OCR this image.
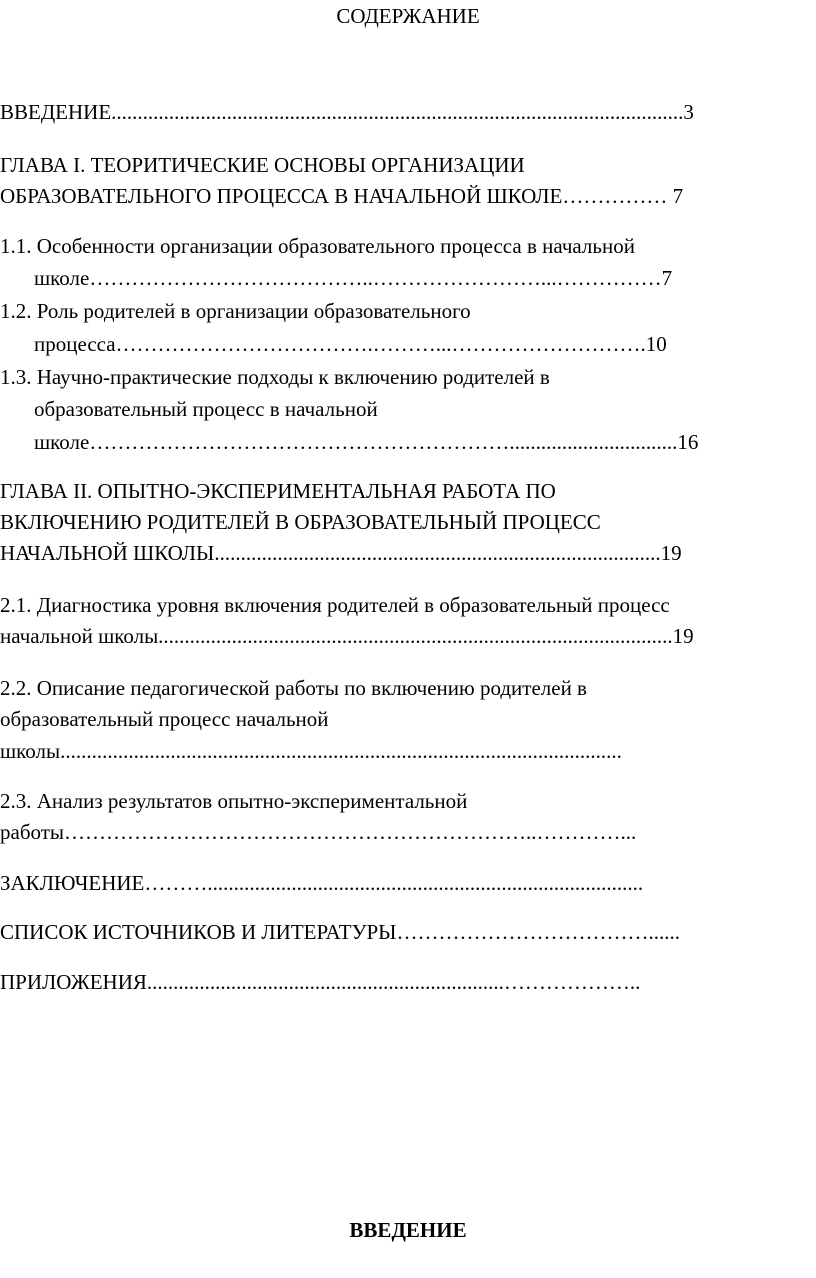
СОДЕРЖАНИЕ
ВВЕДЕНИЕ.............................................................................................................3
ГЛАВА I. ТЕОРИТИЧЕСКИЕ ОСНОВЫ ОРГАНИЗАЦИИ
ОБРАЗОВАТЕЛЬНОГО ПРОЦЕССА В НАЧАЛЬНОЙ ШКОЛЕ…………… 7
1.1. Особенности организации образовательного процесса в начальной
школе…………………………………..……………………...……………7
1.2. Роль родителей в организации образовательного
процесса……………………………….………...……………………….10
1.3. Научно-практические подходы к включению родителей в
образовательный процесс в начальной
школе……………………………………………………................................16
ГЛАВА II. ОПЫТНО-ЭКСПЕРИМЕНТАЛЬНАЯ РАБОТА ПО
ВКЛЮЧЕНИЮ РОДИТЕЛЕЙ В ОБРАЗОВАТЕЛЬНЫЙ ПРОЦЕСС
НАЧАЛЬНОЙ ШКОЛЫ.....................................................................................19
2.1. Диагностика уровня включения родителей в образовательный процесс
начальной школы..................................................................................................19
2.2. Описание педагогической работы по включению родителей в
образовательный процесс начальной
школы...........................................................................................................
2.3. Анализ результатов опытно-экспериментальной
работы…………………………………………………………..…………...
ЗАКЛЮЧЕНИЕ………...................................................................................
СПИСОК ИСТОЧНИКОВ И ЛИТЕРАТУРЫ………………………………......
ПРИЛОЖЕНИЯ....................................................................………………..
ВВЕДЕНИЕ
